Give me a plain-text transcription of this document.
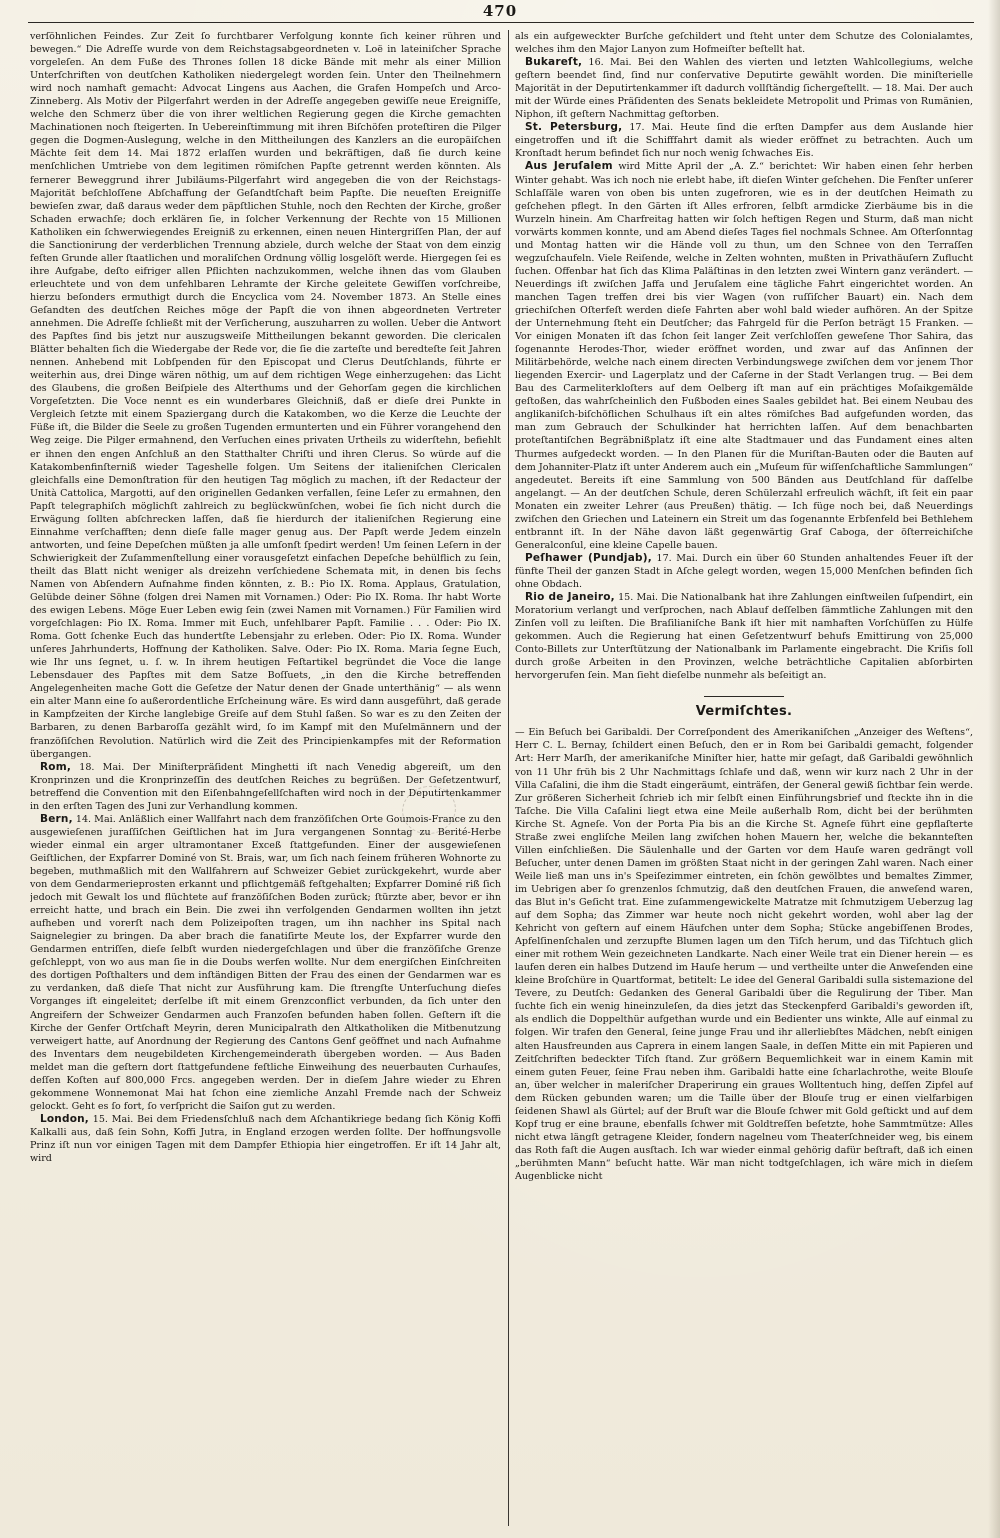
470

verſöhnlichen Feindes. Zur Zeit ſo furchtbarer Verfolgung konnte ſich keiner rühren und bewegen.“ Die Adreſſe wurde von dem Reichstagsabgeordneten v. Loë in lateiniſcher Sprache vorgeleſen. An dem Fuße des Thrones ſollen 18 dicke Bände mit mehr als einer Million Unterſchriften von deutſchen Katholiken niedergelegt worden ſein. Unter den Theilnehmern wird noch namhaft gemacht: Advocat Lingens aus Aachen, die Grafen Hompeſch und Arco-Zinneberg. Als Motiv der Pilgerfahrt werden in der Adreſſe angegeben gewiſſe neue Ereigniſſe, welche den Schmerz über die von ihrer weltlichen Regierung gegen die Kirche gemachten Machinationen noch ſteigerten. In Uebereinſtimmung mit ihren Biſchöfen proteſtiren die Pilger gegen die Dogmen-Auslegung, welche in den Mittheilungen des Kanzlers an die europäiſchen Mächte ſeit dem 14. Mai 1872 erlaſſen wurden und bekräftigen, daß ſie durch keine menſchlichen Umtriebe von dem legitimen römiſchen Papſte getrennt werden könnten. Als fernerer Beweggrund ihrer Jubiläums-Pilgerfahrt wird angegeben die von der Reichstags-Majorität beſchloſſene Abſchaffung der Geſandtſchaft beim Papſte. Die neueſten Ereigniſſe bewieſen zwar, daß daraus weder dem päpſtlichen Stuhle, noch den Rechten der Kirche, großer Schaden erwachſe; doch erklären ſie, in ſolcher Verkennung der Rechte von 15 Millionen Katholiken ein ſchwerwiegendes Ereigniß zu erkennen, einen neuen Hintergriſſen Plan, der auf die Sanctionirung der verderblichen Trennung abziele, durch welche der Staat von dem einzig feſten Grunde aller ſtaatlichen und moraliſchen Ordnung völlig losgelöſt werde. Hiergegen ſei es ihre Aufgabe, deſto eifriger allen Pflichten nachzukommen, welche ihnen das vom Glauben erleuchtete und von dem unfehlbaren Lehramte der Kirche geleitete Gewiſſen vorſchreibe, hierzu beſonders ermuthigt durch die Encyclica vom 24. November 1873. An Stelle eines Geſandten des deutſchen Reiches möge der Papſt die von ihnen abgeordneten Vertreter annehmen. Die Adreſſe ſchließt mit der Verſicherung, auszuharren zu wollen. Ueber die Antwort des Papſtes ſind bis jetzt nur auszugsweiſe Mittheilungen bekannt geworden. Die clericalen Blätter behalten ſich die Wiedergabe der Rede vor, die ſie die zarteſte und beredteſte ſeit Jahren nennen. Anhebend mit Lobſpenden für den Episcopat und Clerus Deutſchlands, führte er weiterhin aus, drei Dinge wären nöthig, um auf dem richtigen Wege einherzugehen: das Licht des Glaubens, die großen Beiſpiele des Alterthums und der Gehorſam gegen die kirchlichen Vorgeſetzten. Die Voce nennt es ein wunderbares Gleichniß, daß er dieſe drei Punkte in Vergleich ſetzte mit einem Spaziergang durch die Katakomben, wo die Kerze die Leuchte der Füße iſt, die Bilder die Seele zu großen Tugenden ermunterten und ein Führer vorangehend den Weg zeige. Die Pilger ermahnend, den Verſuchen eines privaten Urtheils zu widerſtehn, befiehlt er ihnen den engen Anſchluß an den Statthalter Chriſti und ihren Clerus. So würde auf die Katakombenfinſterniß wieder Tageshelle folgen. Um Seitens der italieniſchen Clericalen gleichfalls eine Demonſtration für den heutigen Tag möglich zu machen, iſt der Redacteur der Unità Cattolica, Margotti, auf den originellen Gedanken verfallen, ſeine Leſer zu ermahnen, den Papſt telegraphiſch möglichſt zahlreich zu beglückwünſchen, wobei ſie ſich nicht durch die Erwägung ſollten abſchrecken laſſen, daß ſie hierdurch der italieniſchen Regierung eine Einnahme verſchafften; denn dieſe falle mager genug aus. Der Papſt werde Jedem einzeln antworten, und ſeine Depeſchen müßten ja alle umſonſt ſpedirt werden! Um ſeinen Leſern in der Schwierigkeit der Zuſammenſtellung einer vorausgeſetzt einfachen Depeſche behülflich zu ſein, theilt das Blatt nicht weniger als dreizehn verſchiedene Schemata mit, in denen bis ſechs Namen von Abſendern Aufnahme finden könnten, z. B.: Pio IX. Roma. Applaus, Gratulation, Gelübde deiner Söhne (folgen drei Namen mit Vornamen.) Oder: Pio IX. Roma. Ihr habt Worte des ewigen Lebens. Möge Euer Leben ewig ſein (zwei Namen mit Vornamen.) Für Familien wird vorgeſchlagen: Pio IX. Roma. Immer mit Euch, unfehlbarer Papſt. Familie . . . Oder: Pio IX. Roma. Gott ſchenke Euch das hundertſte Lebensjahr zu erleben. Oder: Pio IX. Roma. Wunder unſeres Jahrhunderts, Hoffnung der Katholiken. Salve. Oder: Pio IX. Roma. Maria ſegne Euch, wie Ihr uns ſegnet, u. ſ. w. In ihrem heutigen Feſtartikel begründet die Voce die lange Lebensdauer des Papſtes mit dem Satze Boſſuets, „in den die Kirche betreffenden Angelegenheiten mache Gott die Geſetze der Natur denen der Gnade unterthänig“ — als wenn ein alter Mann eine ſo außerordentliche Erſcheinung wäre. Es wird dann ausgeführt, daß gerade in Kampfzeiten der Kirche langlebige Greiſe auf dem Stuhl ſaßen. So war es zu den Zeiten der Barbaren, zu denen Barbaroſſa gezählt wird, ſo im Kampf mit den Muſelmännern und der franzöſiſchen Revolution. Natürlich wird die Zeit des Principienkampfes mit der Reformation übergangen.

Rom, 18. Mai. Der Miniſterpräſident Minghetti iſt nach Venedig abgereiſt, um den Kronprinzen und die Kronprinzeſſin des deutſchen Reiches zu begrüßen. Der Geſetzentwurf, betreffend die Convention mit den Eiſenbahngeſellſchaften wird noch in der Deputirtenkammer in den erſten Tagen des Juni zur Verhandlung kommen.

Bern, 14. Mai. Anläßlich einer Wallfahrt nach dem franzöſiſchen Orte Goumois-France zu den ausgewieſenen juraſſiſchen Geiſtlichen hat im Jura vergangenen Sonntag zu Berité-Herbe wieder einmal ein arger ultramontaner Exceß ſtattgefunden. Einer der ausgewieſenen Geiſtlichen, der Expfarrer Dominé von St. Brais, war, um ſich nach ſeinem früheren Wohnorte zu begeben, muthmaßlich mit den Wallfahrern auf Schweizer Gebiet zurückgekehrt, wurde aber von dem Gendarmerieprosten erkannt und pflichtgemäß feſtgehalten; Expfarrer Dominé riß ſich jedoch mit Gewalt los und flüchtete auf franzöſiſchen Boden zurück; ſtürzte aber, bevor er ihn erreicht hatte, und brach ein Bein. Die zwei ihn verfolgenden Gendarmen wollten ihn jetzt aufheben und vorerſt nach dem Polizeipoſten tragen, um ihn nachher ins Spital nach Saignelegier zu bringen. Da aber brach die fanatiſirte Meute los, der Expfarrer wurde den Gendarmen entriſſen, dieſe ſelbſt wurden niedergeſchlagen und über die franzöſiſche Grenze geſchleppt, von wo aus man ſie in die Doubs werfen wollte. Nur dem energiſchen Einſchreiten des dortigen Poſthalters und dem inſtändigen Bitten der Frau des einen der Gendarmen war es zu verdanken, daß dieſe That nicht zur Ausführung kam. Die ſtrengſte Unterſuchung dieſes Vorganges iſt eingeleitet; derſelbe iſt mit einem Grenzconflict verbunden, da ſich unter den Angreifern der Schweizer Gendarmen auch Franzoſen befunden haben ſollen. Geſtern iſt die Kirche der Genfer Ortſchaft Meyrin, deren Municipalrath den Altkatholiken die Mitbenutzung verweigert hatte, auf Anordnung der Regierung des Cantons Genf geöffnet und nach Aufnahme des Inventars dem neugebildeten Kirchengemeinderath übergeben worden. — Aus Baden meldet man die geſtern dort ſtattgefundene feſtliche Einweihung des neuerbauten Curhauſes, deſſen Koſten auf 800,000 Frcs. angegeben werden. Der in dieſem Jahre wieder zu Ehren gekommene Wonnemonat Mai hat ſchon eine ziemliche Anzahl Fremde nach der Schweiz gelockt. Geht es ſo fort, ſo verſpricht die Saiſon gut zu werden.

London, 15. Mai. Bei dem Friedensſchluß nach dem Aſchantikriege bedang ſich König Koffi Kalkalli aus, daß ſein Sohn, Koffi Jutra, in England erzogen werden ſollte. Der hoffnungsvolle Prinz iſt nun vor einigen Tagen mit dem Dampfer Ethiopia hier eingetroffen. Er iſt 14 Jahr alt, wird

als ein aufgeweckter Burſche geſchildert und ſteht unter dem Schutze des Colonialamtes, welches ihm den Major Lanyon zum Hofmeiſter beſtellt hat.

Bukareſt, 16. Mai. Bei den Wahlen des vierten und letzten Wahlcollegiums, welche geſtern beendet ſind, ſind nur conſervative Deputirte gewählt worden. Die miniſterielle Majorität in der Deputirtenkammer iſt dadurch vollſtändig ſichergeſtellt. — 18. Mai. Der auch mit der Würde eines Präſidenten des Senats bekleidete Metropolit und Primas von Rumänien, Niphon, iſt geſtern Nachmittag geſtorben.

St. Petersburg, 17. Mai. Heute ſind die erſten Dampfer aus dem Auslande hier eingetroffen und iſt die Schifffahrt damit als wieder eröffnet zu betrachten. Auch um Kronſtadt herum befindet ſich nur noch wenig ſchwaches Eis.

Aus Jeruſalem wird Mitte April der „A. Z.“ berichtet: Wir haben einen ſehr herben Winter gehabt. Was ich noch nie erlebt habe, iſt dieſen Winter geſchehen. Die Fenſter unſerer Schlaſſäle waren von oben bis unten zugefroren, wie es in der deutſchen Heimath zu geſchehen pflegt. In den Gärten iſt Alles erfroren, ſelbſt armdicke Zierbäume bis in die Wurzeln hinein. Am Charfreitag hatten wir ſolch heftigen Regen und Sturm, daß man nicht vorwärts kommen konnte, und am Abend dieſes Tages fiel nochmals Schnee. Am Oſterſonntag und Montag hatten wir die Hände voll zu thun, um den Schnee von den Terraſſen wegzuſchaufeln. Viele Reiſende, welche in Zelten wohnten, mußten in Privathäuſern Zuflucht ſuchen. Offenbar hat ſich das Klima Paläſtinas in den letzten zwei Wintern ganz verändert. — Neuerdings iſt zwiſchen Jaffa und Jeruſalem eine tägliche Fahrt eingerichtet worden. An manchen Tagen treffen drei bis vier Wagen (von ruſſiſcher Bauart) ein. Nach dem griechiſchen Oſterfeſt werden dieſe Fahrten aber wohl bald wieder aufhören. An der Spitze der Unternehmung ſteht ein Deutſcher; das Fahrgeld für die Perſon beträgt 15 Franken. — Vor einigen Monaten iſt das ſchon ſeit langer Zeit verſchloſſen geweſene Thor Sahira, das ſogenannte Herodes-Thor, wieder eröffnet worden, und zwar auf das Anſinnen der Militärbehörde, welche nach einem directen Verbindungswege zwiſchen dem vor jenem Thor liegenden Exercir- und Lagerplatz und der Caſerne in der Stadt Verlangen trug. — Bei dem Bau des Carmeliterkloſters auf dem Oelberg iſt man auf ein prächtiges Moſaikgemälde geſtoßen, das wahrſcheinlich den Fußboden eines Saales gebildet hat. Bei einem Neubau des anglikaniſch-biſchöflichen Schulhaus iſt ein altes römiſches Bad aufgefunden worden, das man zum Gebrauch der Schulkinder hat herrichten laſſen. Auf dem benachbarten proteſtantiſchen Begräbnißplatz iſt eine alte Stadtmauer und das Fundament eines alten Thurmes aufgedeckt worden. — In den Planen für die Muriſtan-Bauten oder die Bauten auf dem Johanniter-Platz iſt unter Anderem auch ein „Muſeum für wiſſenſchaftliche Sammlungen“ angedeutet. Bereits iſt eine Sammlung von 500 Bänden aus Deutſchland für daſſelbe angelangt. — An der deutſchen Schule, deren Schülerzahl erfreulich wächſt, iſt ſeit ein paar Monaten ein zweiter Lehrer (aus Preußen) thätig. — Ich füge noch bei, daß Neuerdings zwiſchen den Griechen und Lateinern ein Streit um das ſogenannte Erbſenfeld bei Bethlehem entbrannt iſt. In der Nähe davon läßt gegenwärtig Graf Caboga, der öſterreichiſche Generalconſul, eine kleine Capelle bauen.

Peſhawer (Pundjab), 17. Mai. Durch ein über 60 Stunden anhaltendes Feuer iſt der fünfte Theil der ganzen Stadt in Aſche gelegt worden, wegen 15,000 Menſchen befinden ſich ohne Obdach.

Rio de Janeiro, 15. Mai. Die Nationalbank hat ihre Zahlungen einſtweilen ſuſpendirt, ein Moratorium verlangt und verſprochen, nach Ablauf deſſelben ſämmtliche Zahlungen mit den Zinſen voll zu leiſten. Die Braſilianiſche Bank iſt hier mit namhaften Vorſchüſſen zu Hülfe gekommen. Auch die Regierung hat einen Geſetzentwurf behufs Emittirung von 25,000 Conto-Billets zur Unterſtützung der Nationalbank im Parlamente eingebracht. Die Kriſis ſoll durch große Arbeiten in den Provinzen, welche beträchtliche Capitalien abſorbirten hervorgerufen ſein. Man ſieht dieſelbe nunmehr als beſeitigt an.

Vermiſchtes.

— Ein Beſuch bei Garibaldi. Der Correſpondent des Amerikaniſchen „Anzeiger des Weſtens“, Herr C. L. Bernay, ſchildert einen Beſuch, den er in Rom bei Garibaldi gemacht, folgender Art: Herr Marſh, der amerikaniſche Miniſter hier, hatte mir geſagt, daß Garibaldi gewöhnlich von 11 Uhr früh bis 2 Uhr Nachmittags ſchlafe und daß, wenn wir kurz nach 2 Uhr in der Villa Caſalini, die ihm die Stadt eingeräumt, einträfen, der General gewiß ſichtbar ſein werde. Zur größeren Sicherheit ſchrieb ich mir ſelbſt einen Einführungsbrief und ſteckte ihn in die Taſche. Die Villa Caſalini liegt etwa eine Meile außerhalb Rom, dicht bei der berühmten Kirche St. Agneſe. Von der Porta Pia bis an die Kirche St. Agneſe führt eine gepflaſterte Straße zwei engliſche Meilen lang zwiſchen hohen Mauern her, welche die bekannteſten Villen einſchließen. Die Säulenhalle und der Garten vor dem Hauſe waren gedrängt voll Beſucher, unter denen Damen im größten Staat nicht in der geringen Zahl waren. Nach einer Weile ließ man uns in's Speiſezimmer eintreten, ein ſchön gewölbtes und bemaltes Zimmer, im Uebrigen aber ſo grenzenlos ſchmutzig, daß den deutſchen Frauen, die anweſend waren, das Blut in's Geſicht trat. Eine zuſammengewickelte Matratze mit ſchmutzigem Ueberzug lag auf dem Sopha; das Zimmer war heute noch nicht gekehrt worden, wohl aber lag der Kehricht von geſtern auf einem Häufchen unter dem Sopha; Stücke angebiſſenen Brodes, Apfelſinenſchalen und zerzupfte Blumen lagen um den Tiſch herum, und das Tiſchtuch glich einer mit rothem Wein gezeichneten Landkarte. Nach einer Weile trat ein Diener herein — es laufen deren ein halbes Dutzend im Hauſe herum — und vertheilte unter die Anweſenden eine kleine Broſchüre in Quartformat, betitelt: Le idee del General Garibaldi sulla sistemazione del Tevere, zu Deutſch: Gedanken des General Garibaldi über die Regulirung der Tiber. Man ſuchte ſich ein wenig hineinzuleſen, da dies jetzt das Steckenpferd Garibaldi's geworden iſt, als endlich die Doppelthür aufgethan wurde und ein Bedienter uns winkte, Alle auf einmal zu folgen. Wir trafen den General, ſeine junge Frau und ihr allerliebſtes Mädchen, nebſt einigen alten Hausfreunden aus Caprera in einem langen Saale, in deſſen Mitte ein mit Papieren und Zeitſchriften bedeckter Tiſch ſtand. Zur größern Bequemlichkeit war in einem Kamin mit einem guten Feuer, ſeine Frau neben ihm. Garibaldi hatte eine ſcharlachrothe, weite Blouſe an, über welcher in maleriſcher Draperirung ein graues Wolltentuch hing, deſſen Zipfel auf dem Rücken gebunden waren; um die Taille über der Blouſe trug er einen vielfarbigen ſeidenen Shawl als Gürtel; auf der Bruſt war die Blouſe ſchwer mit Gold geſtickt und auf dem Kopf trug er eine braune, ebenfalls ſchwer mit Goldtreſſen beſetzte, hohe Sammtmütze: Alles nicht etwa längſt getragene Kleider, ſondern nagelneu vom Theaterſchneider weg, bis einem das Roth faſt die Augen ausſtach. Ich war wieder einmal gehörig dafür beſtraft, daß ich einen „berühmten Mann“ beſucht hatte. Wär man nicht todtgeſchlagen, ich wäre mich in dieſem Augenblicke nicht
